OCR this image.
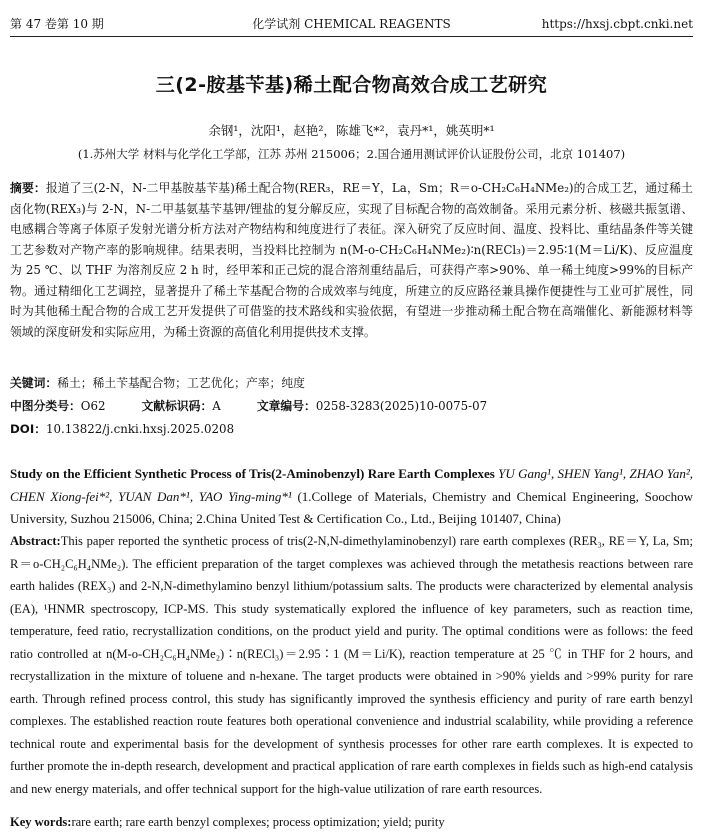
第 47 卷第 10 期	化学试剂 CHEMICAL REAGENTS	https://hxsj.cbpt.cnki.net
三(2-胺基苄基)稀土配合物高效合成工艺研究
余钢¹，沈阳¹，赵艳²，陈雄飞*²，袁丹*¹，姚英明*¹
(1.苏州大学 材料与化学化工学部，江苏 苏州 215006；2.国合通用测试评价认证股份公司，北京 101407)
摘要：报道了三(2-N，N-二甲基胺基苄基)稀土配合物(RER₃，RE＝Y，La，Sm；R＝o-CH₂C₆H₄NMe₂)的合成工艺，通过稀土卤化物(REX₃)与 2-N，N-二甲基氨基苄基钾/锂盐的复分解反应，实现了目标配合物的高效制备。采用元素分析、核磁共振氢谱、电感耦合等离子体原子发射光谱分析方法对产物结构和纯度进行了表征。深入研究了反应时间、温度、投料比、重结晶条件等关键工艺参数对产物产率的影响规律。结果表明，当投料比控制为 n(M-o-CH₂C₆H₄NMe₂)∶n(RECl₃)＝2.95∶1(M＝Li/K)、反应温度为 25 ℃、以 THF 为溶剂反应 2 h 时，经甲苯和正己烷的混合溶剂重结晶后，可获得产率>90%、单一稀土纯度>99%的目标产物。通过精细化工艺调控，显著提升了稀土苄基配合物的合成效率与纯度，所建立的反应路径兼具操作便捷性与工业可扩展性，同时为其他稀土配合物的合成工艺开发提供了可借鉴的技术路线和实验依据，有望进一步推动稀土配合物在高端催化、新能源材料等领域的深度研发和实际应用，为稀土资源的高值化利用提供技术支撑。
关键词：稀土；稀土苄基配合物；工艺优化；产率；纯度
中图分类号：O62	文献标识码：A	文章编号：0258-3283(2025)10-0075-07
DOI：10.13822/j.cnki.hxsj.2025.0208
Study on the Efficient Synthetic Process of Tris(2-Aminobenzyl) Rare Earth Complexes YU Gang¹, SHEN Yang¹, ZHAO Yan², CHEN Xiong-fei*², YUAN Dan*¹, YAO Ying-ming*¹ (1.College of Materials, Chemistry and Chemical Engineering, Soochow University, Suzhou 215006, China; 2.China United Test & Certification Co., Ltd., Beijing 101407, China)
Abstract:This paper reported the synthetic process of tris(2-N,N-dimethylaminobenzyl) rare earth complexes (RER₃, RE＝Y, La, Sm; R＝o-CH₂C₆H₄NMe₂). The efficient preparation of the target complexes was achieved through the metathesis reactions between rare earth halides (REX₃) and 2-N,N-dimethylamino benzyl lithium/potassium salts. The products were characterized by elemental analysis (EA), ¹HNMR spectroscopy, ICP-MS. This study systematically explored the influence of key parameters, such as reaction time, temperature, feed ratio, recrystallization conditions, on the product yield and purity. The optimal conditions were as follows: the feed ratio controlled at n(M-o-CH₂C₆H₄NMe₂)∶n(RECl₃)＝2.95∶1 (M＝Li/K), reaction temperature at 25 ℃ in THF for 2 hours, and recrystallization in the mixture of toluene and n-hexane. The target products were obtained in >90% yields and >99% purity for rare earth. Through refined process control, this study has significantly improved the synthesis efficiency and purity of rare earth benzyl complexes. The established reaction route features both operational convenience and industrial scalability, while providing a reference technical route and experimental basis for the development of synthesis processes for other rare earth complexes. It is expected to further promote the in-depth research, development and practical application of rare earth complexes in fields such as high-end catalysis and new energy materials, and offer technical support for the high-value utilization of rare earth resources.
Key words:rare earth; rare earth benzyl complexes; process optimization; yield; purity
